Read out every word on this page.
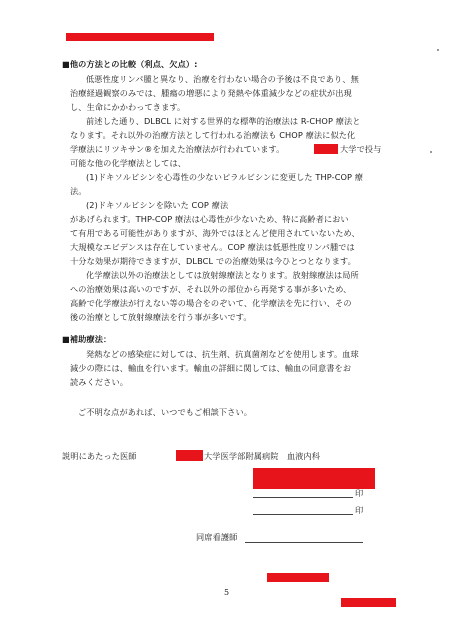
■他の方法との比較（利点、欠点）:
低悪性度リンパ腫と異なり、治療を行わない場合の予後は不良であり、無
治療経過観察のみでは、腫瘍の増悪により発熱や体重減少などの症状が出現
し、生命にかかわってきます。
前述した通り、DLBCL に対する世界的な標準的治療法は R-CHOP 療法と
なります。それ以外の治療方法として行われる治療法も CHOP 療法に似た化
学療法にリツキサン®を加えた治療法が行われています。	大学で投与
可能な他の化学療法としては、
(1)ドキソルビシンを心毒性の少ないピラルビシンに変更した THP-COP 療
法。
(2)ドキソルビシンを除いた COP 療法
があげられます。THP-COP 療法は心毒性が少ないため、特に高齢者におい
て有用である可能性がありますが、海外ではほとんど使用されていないため、
大規模なエビデンスは存在していません。COP 療法は低悪性度リンパ腫では
十分な効果が期待できますが、DLBCL での治療効果は今ひとつとなります。
化学療法以外の治療法としては放射線療法となります。放射線療法は局所
への治療効果は高いのですが、それ以外の部位から再発する事が多いため、
高齢で化学療法が行えない等の場合をのぞいて、化学療法を先に行い、その
後の治療として放射線療法を行う事が多いです。
■補助療法：
発熱などの感染症に対しては、抗生剤、抗真菌剤などを使用します。血球
減少の際には、輸血を行います。輸血の詳細に関しては、輸血の同意書をお
読みください。
ご不明な点があれば、いつでもご相談下さい。
説明にあたった医師	大学医学部附属病院　血液内科
印
印
同席看護師
5
